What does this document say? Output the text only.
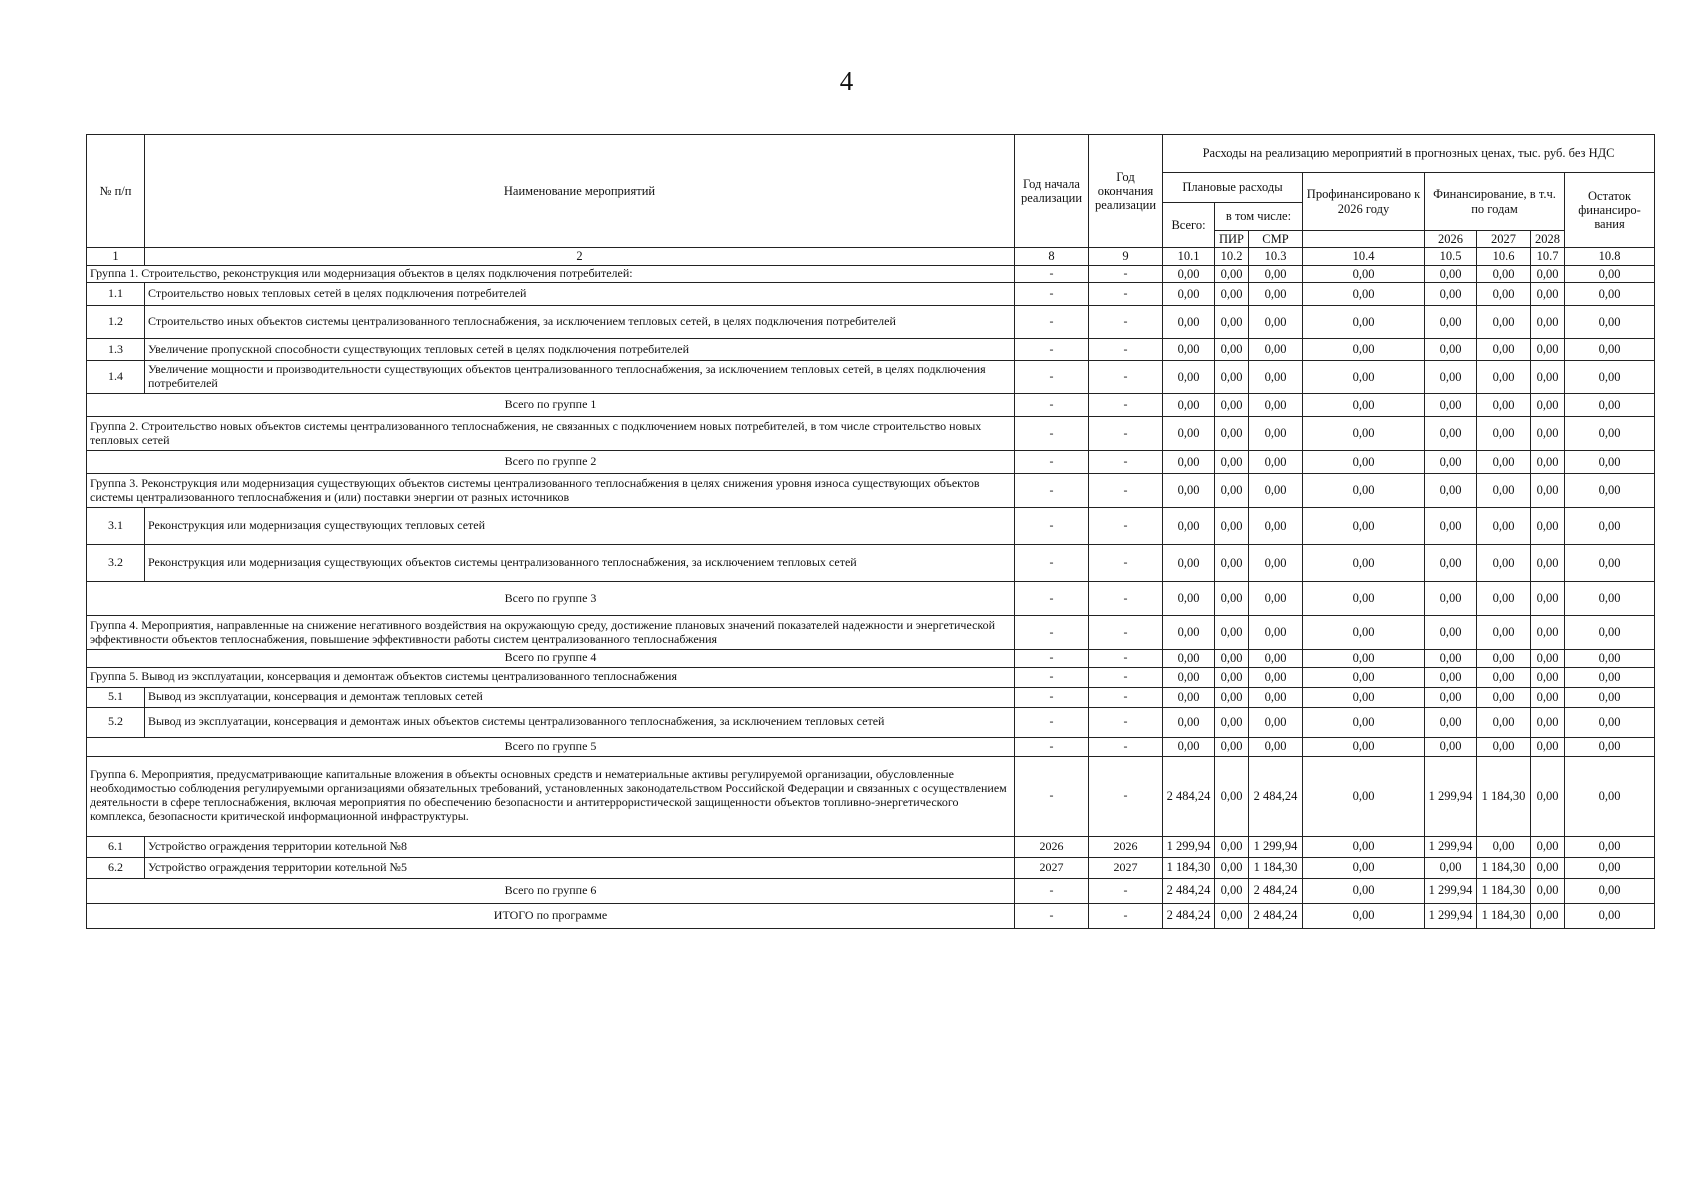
4
№ п/п	Наименование мероприятий	Год начала реализации	Год окончания реализации	Расходы на реализацию мероприятий в прогнозных ценах, тыс. руб. без НДС							
				Плановые расходы			Профинансировано к 2026 году	Финансирование, в т.ч. по годам			Остаток финансиро-вания
				Всего:	в том числе:						

					ПИР	СМР		2026	2027	2028	
1	2	8	9	10.1	10.2	10.3	10.4	10.5	10.6	10.7	10.8
Группа 1. Строительство, реконструкция или модернизация объектов в целях подключения потребителей:		-	-	0,00	0,00	0,00	0,00	0,00	0,00	0,00	0,00
1.1	Строительство новых тепловых сетей в целях подключения потребителей	-	-	0,00	0,00	0,00	0,00	0,00	0,00	0,00	0,00
1.2	Строительство иных объектов системы централизованного теплоснабжения, за исключением тепловых сетей, в целях подключения потребителей	-	-	0,00	0,00	0,00	0,00	0,00	0,00	0,00	0,00
1.3	Увеличение пропускной способности существующих тепловых сетей в целях подключения потребителей	-	-	0,00	0,00	0,00	0,00	0,00	0,00	0,00	0,00
1.4	Увеличение мощности и производительности существующих объектов централизованного теплоснабжения, за исключением тепловых сетей, в целях подключения потребителей	-	-	0,00	0,00	0,00	0,00	0,00	0,00	0,00	0,00
Всего по группе 1		-	-	0,00	0,00	0,00	0,00	0,00	0,00	0,00	0,00
Группа 2. Строительство новых объектов системы централизованного теплоснабжения, не связанных с подключением новых потребителей, в том числе строительство новых тепловых сетей		-	-	0,00	0,00	0,00	0,00	0,00	0,00	0,00	0,00
Всего по группе 2		-	-	0,00	0,00	0,00	0,00	0,00	0,00	0,00	0,00
Группа 3. Реконструкция или модернизация существующих объектов системы централизованного теплоснабжения в целях снижения уровня износа существующих объектов системы централизованного теплоснабжения и (или) поставки энергии от разных источников		-	-	0,00	0,00	0,00	0,00	0,00	0,00	0,00	0,00
3.1	Реконструкция или модернизация существующих тепловых сетей	-	-	0,00	0,00	0,00	0,00	0,00	0,00	0,00	0,00
3.2	Реконструкция или модернизация существующих объектов системы централизованного теплоснабжения, за исключением тепловых сетей	-	-	0,00	0,00	0,00	0,00	0,00	0,00	0,00	0,00
Всего по группе 3		-	-	0,00	0,00	0,00	0,00	0,00	0,00	0,00	0,00
Группа 4. Мероприятия, направленные на снижение негативного воздействия на окружающую среду, достижение плановых значений показателей надежности и энергетической эффективности объектов теплоснабжения, повышение эффективности работы систем централизованного теплоснабжения		-	-	0,00	0,00	0,00	0,00	0,00	0,00	0,00	0,00
Всего по группе 4		-	-	0,00	0,00	0,00	0,00	0,00	0,00	0,00	0,00
Группа 5. Вывод из эксплуатации, консервация и демонтаж объектов системы централизованного теплоснабжения		-	-	0,00	0,00	0,00	0,00	0,00	0,00	0,00	0,00
5.1	Вывод из эксплуатации, консервация и демонтаж тепловых сетей	-	-	0,00	0,00	0,00	0,00	0,00	0,00	0,00	0,00
5.2	Вывод из эксплуатации, консервация и демонтаж иных объектов системы централизованного теплоснабжения, за исключением тепловых сетей	-	-	0,00	0,00	0,00	0,00	0,00	0,00	0,00	0,00
Всего по группе 5		-	-	0,00	0,00	0,00	0,00	0,00	0,00	0,00	0,00
Группа 6. Мероприятия, предусматривающие капитальные вложения в объекты основных средств и нематериальные активы регулируемой организации, обусловленные необходимостью соблюдения регулируемыми организациями обязательных требований, установленных законодательством Российской Федерации и связанных с осуществлением деятельности в сфере теплоснабжения, включая мероприятия по обеспечению безопасности и антитеррористической защищенности объектов топливно-энергетического комплекса, безопасности критической информационной инфраструктуры.		-	-	2 484,24	0,00	2 484,24	0,00	1 299,94	1 184,30	0,00	0,00
6.1	Устройство ограждения территории котельной №8	2026	2026	1 299,94	0,00	1 299,94	0,00	1 299,94	0,00	0,00	0,00
6.2	Устройство ограждения территории котельной №5	2027	2027	1 184,30	0,00	1 184,30	0,00	0,00	1 184,30	0,00	0,00
Всего по группе 6		-	-	2 484,24	0,00	2 484,24	0,00	1 299,94	1 184,30	0,00	0,00
ИТОГО по программе		-	-	2 484,24	0,00	2 484,24	0,00	1 299,94	1 184,30	0,00	0,00
